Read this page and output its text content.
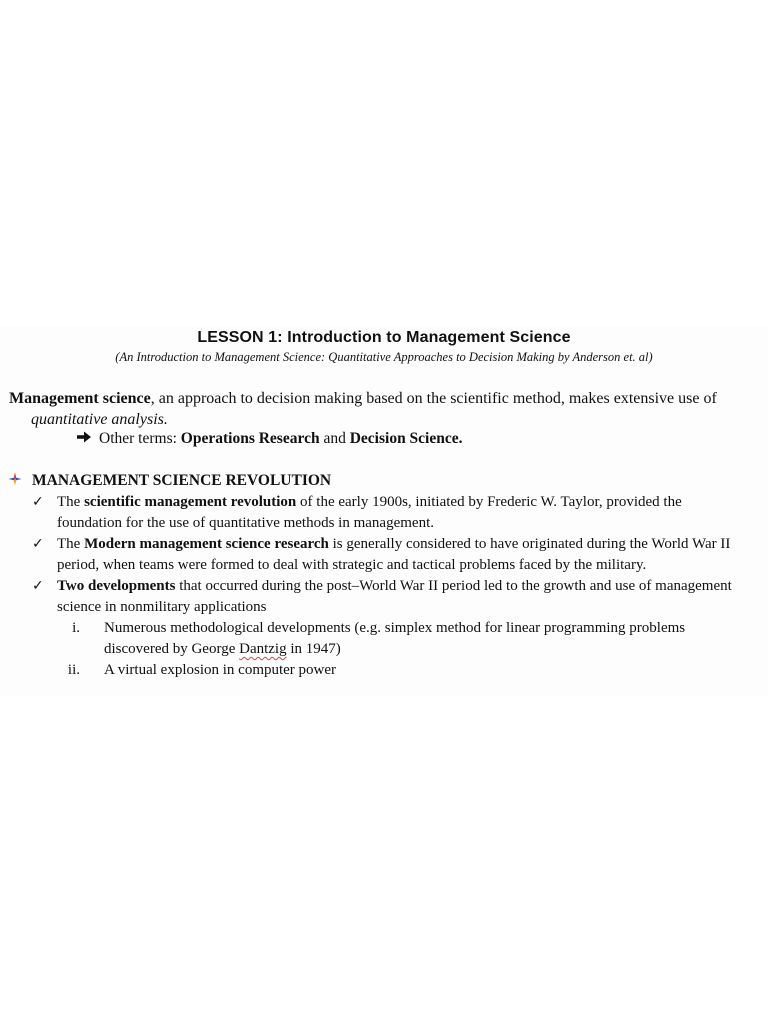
LESSON 1: Introduction to Management Science
(An Introduction to Management Science: Quantitative Approaches to Decision Making by Anderson et. al)
Management science, an approach to decision making based on the scientific method, makes extensive use of
quantitative analysis.
Other terms: Operations Research and Decision Science.
MANAGEMENT SCIENCE REVOLUTION
✓ The scientific management revolution of the early 1900s, initiated by Frederic W. Taylor, provided the foundation for the use of quantitative methods in management.
✓ The Modern management science research is generally considered to have originated during the World War II period, when teams were formed to deal with strategic and tactical problems faced by the military.
✓ Two developments that occurred during the post–World War II period led to the growth and use of management science in nonmilitary applications
i. Numerous methodological developments (e.g. simplex method for linear programming problems discovered by George Dantzig in 1947)
ii. A virtual explosion in computer power
